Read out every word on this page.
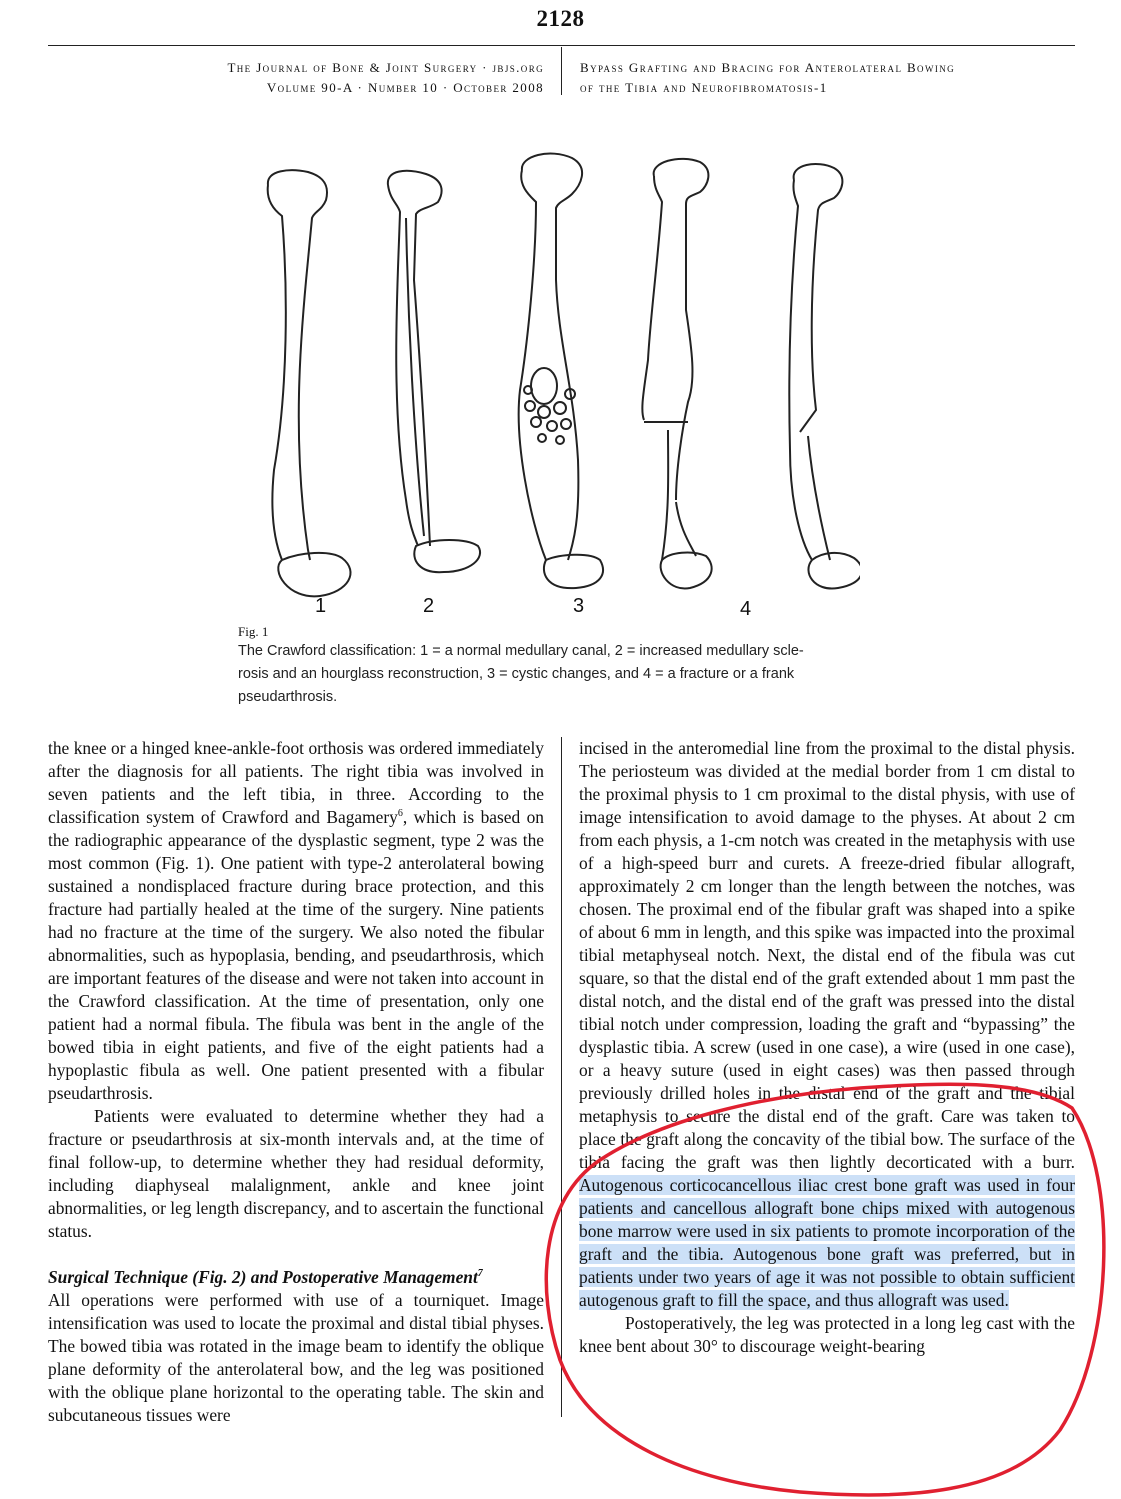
2128
The Journal of Bone & Joint Surgery · jbjs.org
Volume 90-A · Number 10 · October 2008
Bypass Grafting and Bracing for Anterolateral Bowing
of the Tibia and Neurofibromatosis-1
1	2	3	4
Fig. 1
The Crawford classification: 1 = a normal medullary canal, 2 = increased medullary scle-
rosis and an hourglass reconstruction, 3 = cystic changes, and 4 = a fracture or a frank
pseudarthrosis.

the knee or a hinged knee-ankle-foot orthosis was ordered immediately after the diagnosis for all patients. The right tibia was involved in seven patients and the left tibia, in three. According to the classification system of Crawford and Bagamery$^6$, which is based on the radiographic appearance of the dysplastic segment, type 2 was the most common (Fig. 1). One patient with type-2 anterolateral bowing sustained a nondisplaced fracture during brace protection, and this fracture had partially healed at the time of the surgery. Nine patients had no fracture at the time of the surgery. We also noted the fibular abnormalities, such as hypoplasia, bending, and pseudarthrosis, which are important features of the disease and were not taken into account in the Crawford classification. At the time of presentation, only one patient had a normal fibula. The fibula was bent in the angle of the bowed tibia in eight patients, and five of the eight patients had a hypoplastic fibula as well. One patient presented with a fibular pseudarthrosis.

Patients were evaluated to determine whether they had a fracture or pseudarthrosis at six-month intervals and, at the time of final follow-up, to determine whether they had residual deformity, including diaphyseal malalignment, ankle and knee joint abnormalities, or leg length discrepancy, and to ascertain the functional status.

Surgical Technique (Fig. 2) and Postoperative Management$^7$

All operations were performed with use of a tourniquet. Image intensification was used to locate the proximal and distal tibial physes. The bowed tibia was rotated in the image beam to identify the oblique plane deformity of the anterolateral bow, and the leg was positioned with the oblique plane horizontal to the operating table. The skin and subcutaneous tissues were

incised in the anteromedial line from the proximal to the distal physis. The periosteum was divided at the medial border from 1 cm distal to the proximal physis to 1 cm proximal to the distal physis, with use of image intensification to avoid damage to the physes. At about 2 cm from each physis, a 1-cm notch was created in the metaphysis with use of a high-speed burr and curets. A freeze-dried fibular allograft, approximately 2 cm longer than the length between the notches, was chosen. The proximal end of the fibular graft was shaped into a spike of about 6 mm in length, and this spike was impacted into the proximal tibial metaphyseal notch. Next, the distal end of the fibula was cut square, so that the distal end of the graft extended about 1 mm past the distal notch, and the distal end of the graft was pressed into the distal tibial notch under compression, loading the graft and “bypassing” the dysplastic tibia. A screw (used in one case), a wire (used in one case), or a heavy suture (used in eight cases) was then passed through previously drilled holes in the distal end of the graft and the tibial metaphysis to secure the distal end of the graft. Care was taken to place the graft along the concavity of the tibial bow. The surface of the tibia facing the graft was then lightly decorticated with a burr. Autogenous corticocancellous iliac crest bone graft was used in four patients and cancellous allograft bone chips mixed with autogenous bone marrow were used in six patients to promote incorporation of the graft and the tibia. Autogenous bone graft was preferred, but in patients under two years of age it was not possible to obtain sufficient autogenous graft to fill the space, and thus allograft was used.

Postoperatively, the leg was protected in a long leg cast with the knee bent about 30° to discourage weight-bearing
